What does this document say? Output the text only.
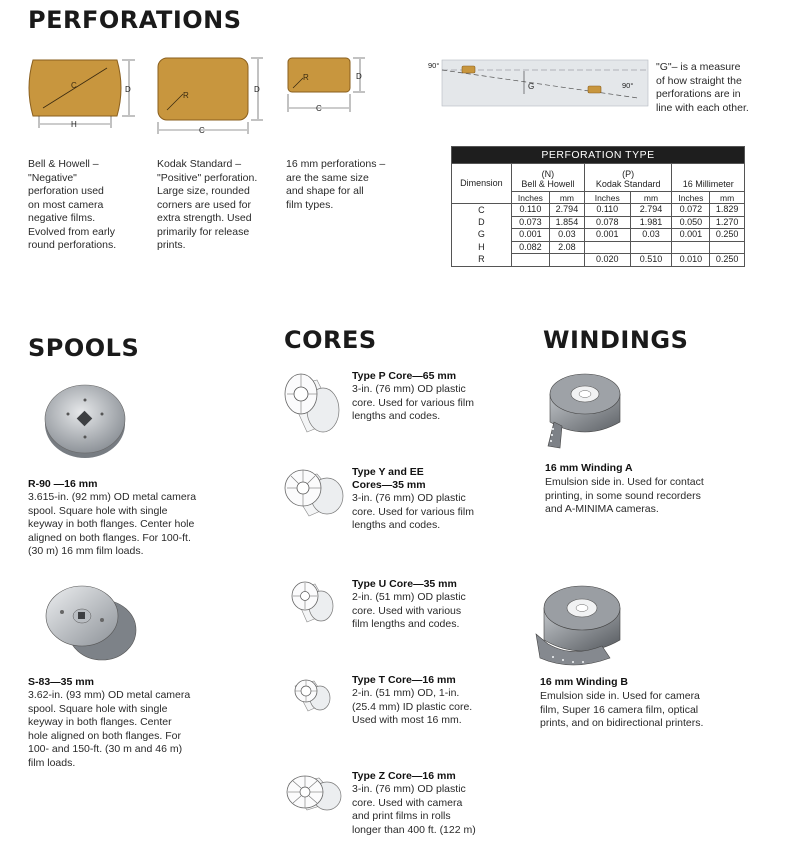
PERFORATIONS
SPOOLS	CORES	WINDINGS
C	D
H
R
D
C
R	D
C
G
90°
90°
Bell & Howell –
"Negative"
perforation used
on most camera
negative films.
Evolved from early
round perforations.
Kodak Standard –
"Positive" perforation.
Large size, rounded
corners are used for
extra strength. Used
primarily for release
prints.
16 mm perforations –
are the same size
and shape for all
film types.
"G"– is a measure
of how straight the
perforations are in
line with each other.
PERFORATION TYPE						
Dimension	(N)
Bell & Howell		(P)
Kodak Standard		16 Millimeter	
	Inches	mm	Inches	mm	Inches	mm
C	0.110	2.794	0.110	2.794	0.072	1.829
D	0.073	1.854	0.078	1.981	0.050	1.270
G	0.001	0.03	0.001	0.03	0.001	0.250
H	0.082	2.08				
R			0.020	0.510	0.010	0.250
R-90 —16 mm
3.615-in. (92 mm) OD metal camera
spool. Square hole with single
keyway in both flanges. Center hole
aligned on both flanges. For 100-ft.
(30 m) 16 mm film loads.
S-83—35 mm
3.62-in. (93 mm) OD metal camera
spool. Square hole with single
keyway in both flanges. Center
hole aligned on both flanges. For
100- and 150-ft. (30 m and 46 m)
film loads.
Type P Core—65 mm
3-in. (76 mm) OD plastic
core. Used for various film
lengths and codes.
Type Y and EE
Cores—35 mm
3-in. (76 mm) OD plastic
core. Used for various film
lengths and codes.
Type U Core—35 mm
2-in. (51 mm) OD plastic
core. Used with various
film lengths and codes.
Type T Core—16 mm
2-in. (51 mm) OD, 1-in.
(25.4 mm) ID plastic core.
Used with most 16 mm.
Type Z Core—16 mm
3-in. (76 mm) OD plastic
core. Used with camera
and print films in rolls
longer than 400 ft. (122 m)
16 mm Winding A
Emulsion side in. Used for contact
printing, in some sound recorders
and A-MINIMA cameras.
16 mm Winding B
Emulsion side in. Used for camera
film, Super 16 camera film, optical
prints, and on bidirectional printers.
